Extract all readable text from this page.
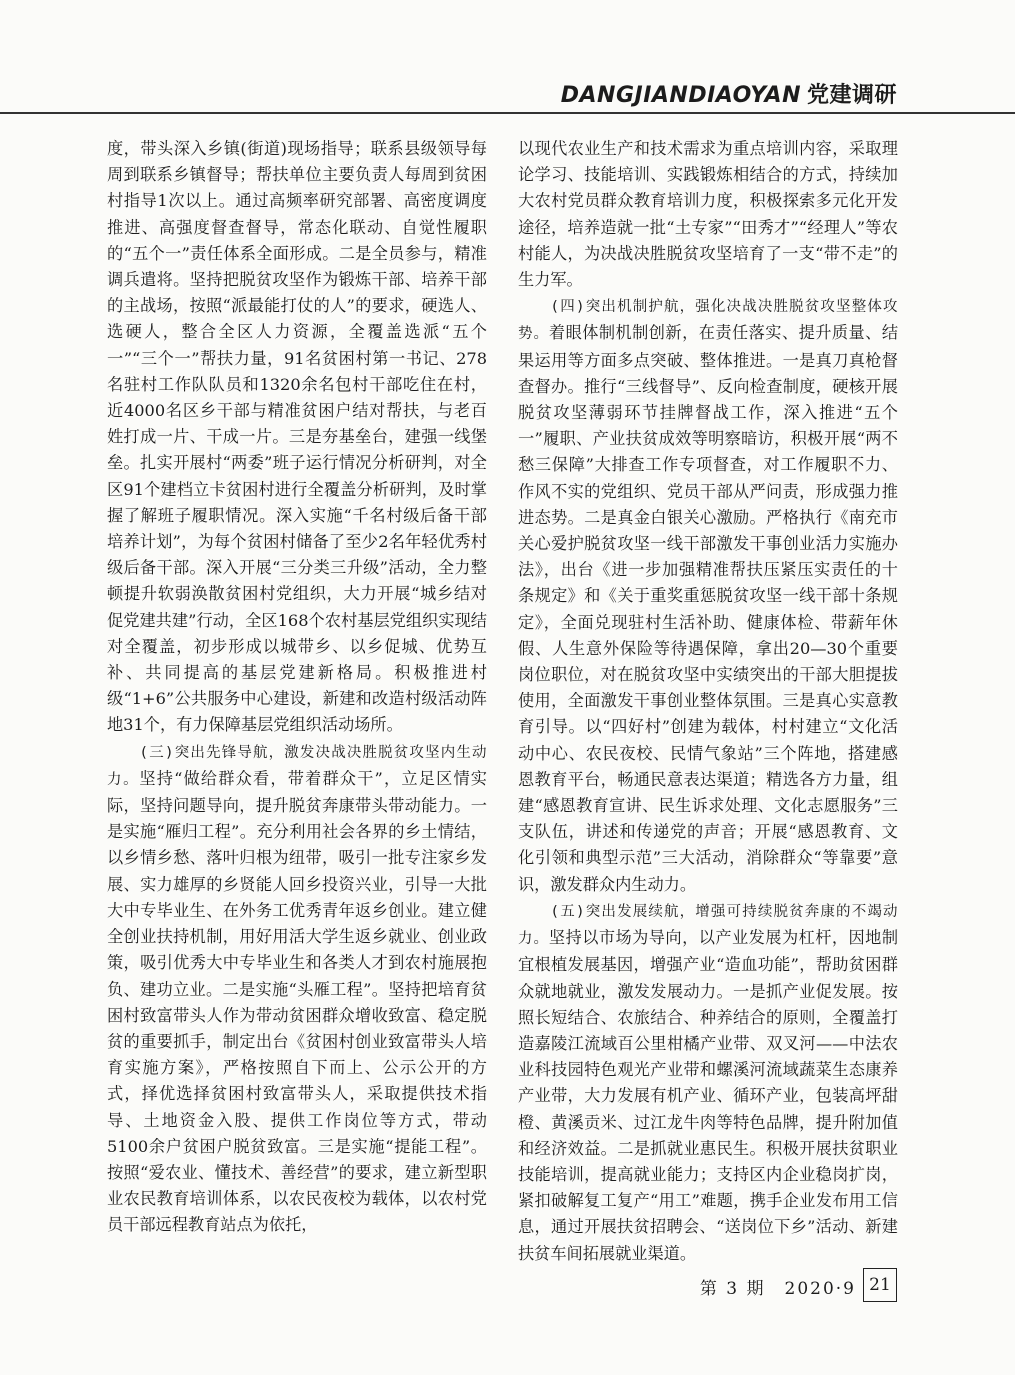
DANGJIANDIAOYAN 党建调研

度，带头深入乡镇(街道)现场指导；联系县级领导每周到联系乡镇督导；帮扶单位主要负责人每周到贫困村指导1次以上。通过高频率研究部署、高密度调度推进、高强度督查督导，常态化联动、自觉性履职的“五个一”责任体系全面形成。二是全员参与，精准调兵遣将。坚持把脱贫攻坚作为锻炼干部、培养干部的主战场，按照“派最能打仗的人”的要求，硬选人、选硬人，整合全区人力资源，全覆盖选派“五个一”“三个一”帮扶力量，91名贫困村第一书记、278名驻村工作队队员和1320余名包村干部吃住在村，近4000名区乡干部与精准贫困户结对帮扶，与老百姓打成一片、干成一片。三是夯基垒台，建强一线堡垒。扎实开展村“两委”班子运行情况分析研判，对全区91个建档立卡贫困村进行全覆盖分析研判，及时掌握了解班子履职情况。深入实施“千名村级后备干部培养计划”，为每个贫困村储备了至少2名年轻优秀村级后备干部。深入开展“三分类三升级”活动，全力整顿提升软弱涣散贫困村党组织，大力开展“城乡结对促党建共建”行动，全区168个农村基层党组织实现结对全覆盖，初步形成以城带乡、以乡促城、优势互补、共同提高的基层党建新格局。积极推进村级“1+6”公共服务中心建设，新建和改造村级活动阵地31个，有力保障基层党组织活动场所。

(三)突出先锋导航，激发决战决胜脱贫攻坚内生动力。坚持“做给群众看，带着群众干”，立足区情实际，坚持问题导向，提升脱贫奔康带头带动能力。一是实施“雁归工程”。充分利用社会各界的乡土情结，以乡情乡愁、落叶归根为纽带，吸引一批专注家乡发展、实力雄厚的乡贤能人回乡投资兴业，引导一大批大中专毕业生、在外务工优秀青年返乡创业。建立健全创业扶持机制，用好用活大学生返乡就业、创业政策，吸引优秀大中专毕业生和各类人才到农村施展抱负、建功立业。二是实施“头雁工程”。坚持把培育贫困村致富带头人作为带动贫困群众增收致富、稳定脱贫的重要抓手，制定出台《贫困村创业致富带头人培育实施方案》，严格按照自下而上、公示公开的方式，择优选择贫困村致富带头人，采取提供技术指导、土地资金入股、提供工作岗位等方式，带动5100余户贫困户脱贫致富。三是实施“提能工程”。按照“爱农业、懂技术、善经营”的要求，建立新型职业农民教育培训体系，以农民夜校为载体，以农村党员干部远程教育站点为依托，

以现代农业生产和技术需求为重点培训内容，采取理论学习、技能培训、实践锻炼相结合的方式，持续加大农村党员群众教育培训力度，积极探索多元化开发途径，培养造就一批“土专家”“田秀才”“经理人”等农村能人，为决战决胜脱贫攻坚培育了一支“带不走”的生力军。

(四)突出机制护航，强化决战决胜脱贫攻坚整体攻势。着眼体制机制创新，在责任落实、提升质量、结果运用等方面多点突破、整体推进。一是真刀真枪督查督办。推行“三线督导”、反向检查制度，硬核开展脱贫攻坚薄弱环节挂牌督战工作，深入推进“五个一”履职、产业扶贫成效等明察暗访，积极开展“两不愁三保障”大排查工作专项督查，对工作履职不力、作风不实的党组织、党员干部从严问责，形成强力推进态势。二是真金白银关心激励。严格执行《南充市关心爱护脱贫攻坚一线干部激发干事创业活力实施办法》，出台《进一步加强精准帮扶压紧压实责任的十条规定》和《关于重奖重惩脱贫攻坚一线干部十条规定》，全面兑现驻村生活补助、健康体检、带薪年休假、人生意外保险等待遇保障，拿出20—30个重要岗位职位，对在脱贫攻坚中实绩突出的干部大胆提拔使用，全面激发干事创业整体氛围。三是真心实意教育引导。以“四好村”创建为载体，村村建立“文化活动中心、农民夜校、民情气象站”三个阵地，搭建感恩教育平台，畅通民意表达渠道；精选各方力量，组建“感恩教育宣讲、民生诉求处理、文化志愿服务”三支队伍，讲述和传递党的声音；开展“感恩教育、文化引领和典型示范”三大活动，消除群众“等靠要”意识，激发群众内生动力。

(五)突出发展续航，增强可持续脱贫奔康的不竭动力。坚持以市场为导向，以产业发展为杠杆，因地制宜根植发展基因，增强产业“造血功能”，帮助贫困群众就地就业，激发发展动力。一是抓产业促发展。按照长短结合、农旅结合、种养结合的原则，全覆盖打造嘉陵江流域百公里柑橘产业带、双叉河——中法农业科技园特色观光产业带和螺溪河流域蔬菜生态康养产业带，大力发展有机产业、循环产业，包装高坪甜橙、黄溪贡米、过江龙牛肉等特色品牌，提升附加值和经济效益。二是抓就业惠民生。积极开展扶贫职业技能培训，提高就业能力；支持区内企业稳岗扩岗，紧扣破解复工复产“用工”难题，携手企业发布用工信息，通过开展扶贫招聘会、“送岗位下乡”活动、新建扶贫车间拓展就业渠道。

第 3 期　2020·9 21
